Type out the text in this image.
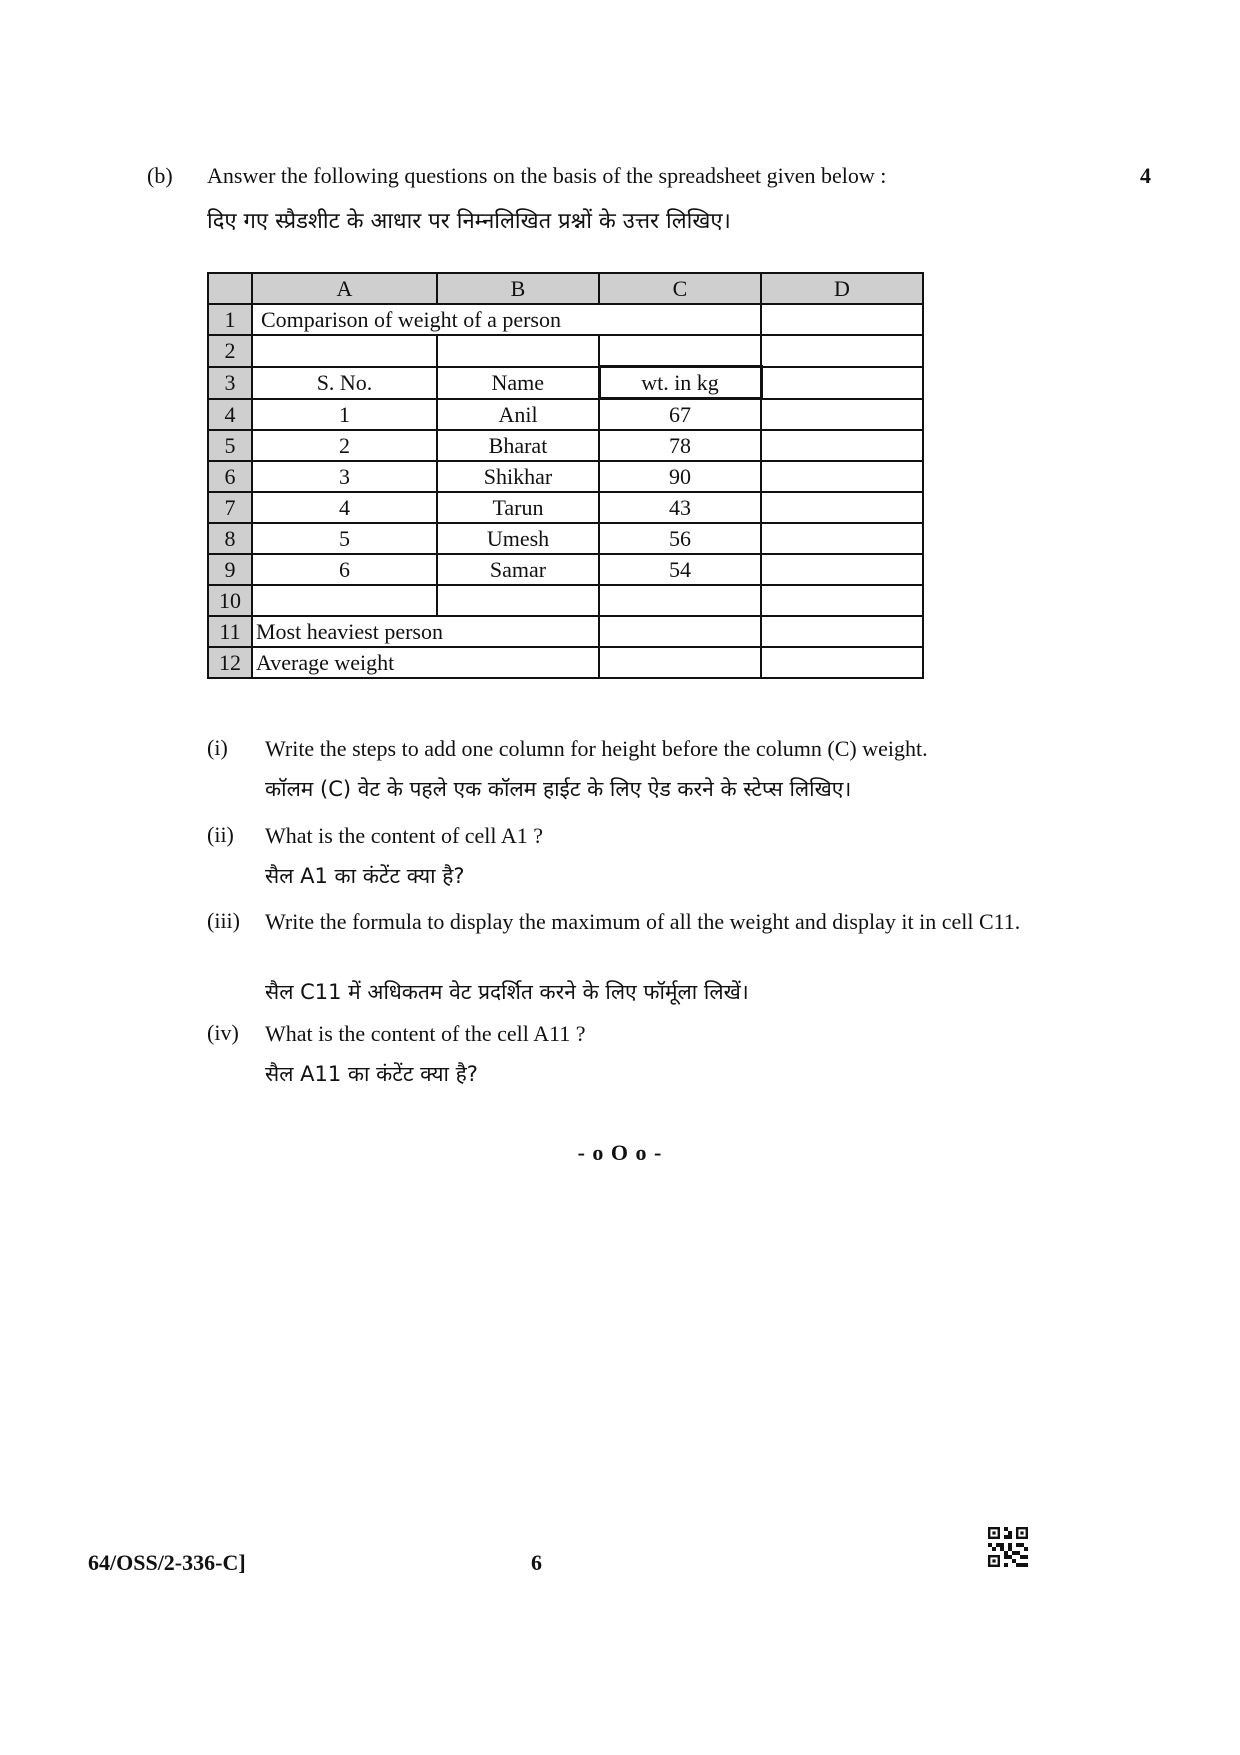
(b) Answer the following questions on the basis of the spreadsheet given below :	4
दिए गए स्प्रैडशीट के आधार पर निम्नलिखित प्रश्नों के उत्तर लिखिए।
	A	B	C	D
1	Comparison of weight of a person			
2				
3	S. No.	Name	wt. in kg	
4	1	Anil	67	
5	2	Bharat	78	
6	3	Shikhar	90	
7	4	Tarun	43	
8	5	Umesh	56	
9	6	Samar	54	
10				
11	Most heaviest person			
12	Average weight			
(i) Write the steps to add one column for height before the column (C) weight.
कॉलम (C) वेट के पहले एक कॉलम हाईट के लिए ऐड करने के स्टेप्स लिखिए।
(ii) What is the content of cell A1 ?
सैल A1 का कंटेंट क्या है?
(iii) Write the formula to display the maximum of all the weight and display it in cell C11.
सैल C11 में अधिकतम वेट प्रदर्शित करने के लिए फॉर्मूला लिखें।
(iv) What is the content of the cell A11 ?
सैल A11 का कंटेंट क्या है?
- o O o -
64/OSS/2-336-C]	6
